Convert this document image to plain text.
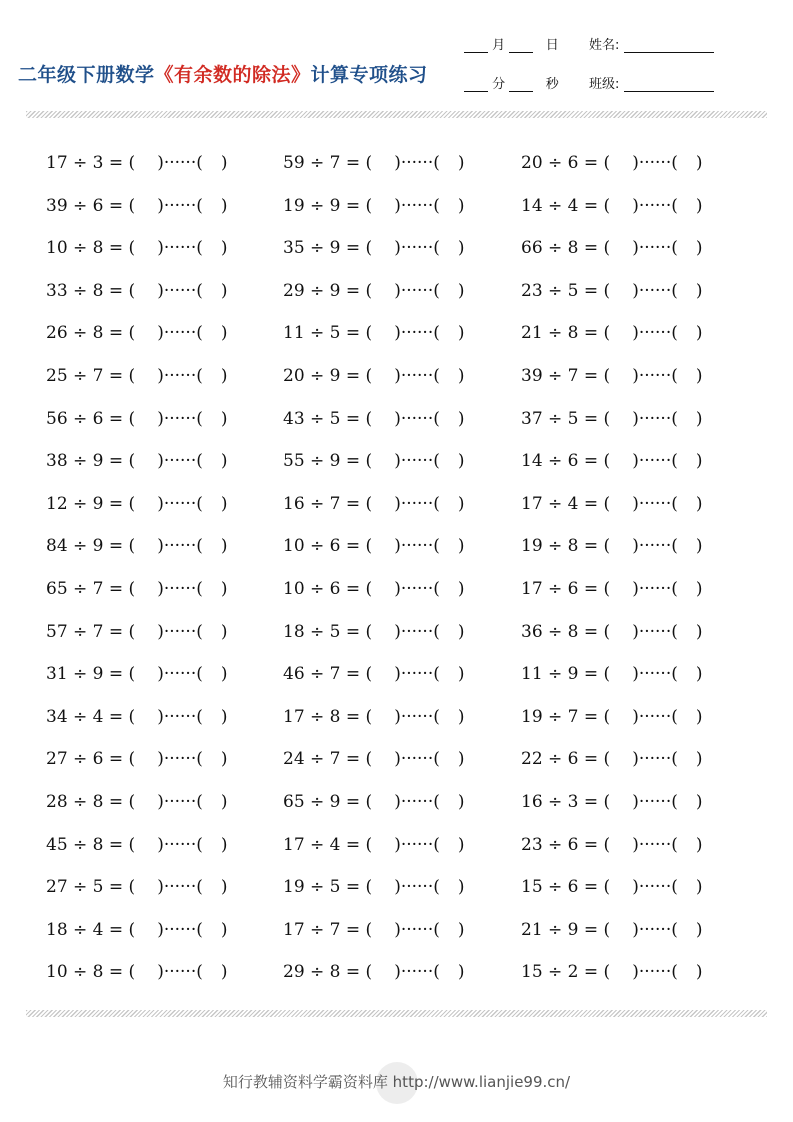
二年级下册数学《有余数的除法》计算专项练习
月	日
分	秒
姓名:
班级:
17 ÷ 3 = ( )······( )	59 ÷ 7 = ( )······( )	20 ÷ 6 = ( )······( )
39 ÷ 6 = ( )······( )	19 ÷ 9 = ( )······( )	14 ÷ 4 = ( )······( )
10 ÷ 8 = ( )······( )	35 ÷ 9 = ( )······( )	66 ÷ 8 = ( )······( )
33 ÷ 8 = ( )······( )	29 ÷ 9 = ( )······( )	23 ÷ 5 = ( )······( )
26 ÷ 8 = ( )······( )	11 ÷ 5 = ( )······( )	21 ÷ 8 = ( )······( )
25 ÷ 7 = ( )······( )	20 ÷ 9 = ( )······( )	39 ÷ 7 = ( )······( )
56 ÷ 6 = ( )······( )	43 ÷ 5 = ( )······( )	37 ÷ 5 = ( )······( )
38 ÷ 9 = ( )······( )	55 ÷ 9 = ( )······( )	14 ÷ 6 = ( )······( )
12 ÷ 9 = ( )······( )	16 ÷ 7 = ( )······( )	17 ÷ 4 = ( )······( )
84 ÷ 9 = ( )······( )	10 ÷ 6 = ( )······( )	19 ÷ 8 = ( )······( )
65 ÷ 7 = ( )······( )	10 ÷ 6 = ( )······( )	17 ÷ 6 = ( )······( )
57 ÷ 7 = ( )······( )	18 ÷ 5 = ( )······( )	36 ÷ 8 = ( )······( )
31 ÷ 9 = ( )······( )	46 ÷ 7 = ( )······( )	11 ÷ 9 = ( )······( )
34 ÷ 4 = ( )······( )	17 ÷ 8 = ( )······( )	19 ÷ 7 = ( )······( )
27 ÷ 6 = ( )······( )	24 ÷ 7 = ( )······( )	22 ÷ 6 = ( )······( )
28 ÷ 8 = ( )······( )	65 ÷ 9 = ( )······( )	16 ÷ 3 = ( )······( )
45 ÷ 8 = ( )······( )	17 ÷ 4 = ( )······( )	23 ÷ 6 = ( )······( )
27 ÷ 5 = ( )······( )	19 ÷ 5 = ( )······( )	15 ÷ 6 = ( )······( )
18 ÷ 4 = ( )······( )	17 ÷ 7 = ( )······( )	21 ÷ 9 = ( )······( )
10 ÷ 8 = ( )······( )	29 ÷ 8 = ( )······( )	15 ÷ 2 = ( )······( )
知行教辅资料学霸资料库 http://www.lianjie99.cn/
